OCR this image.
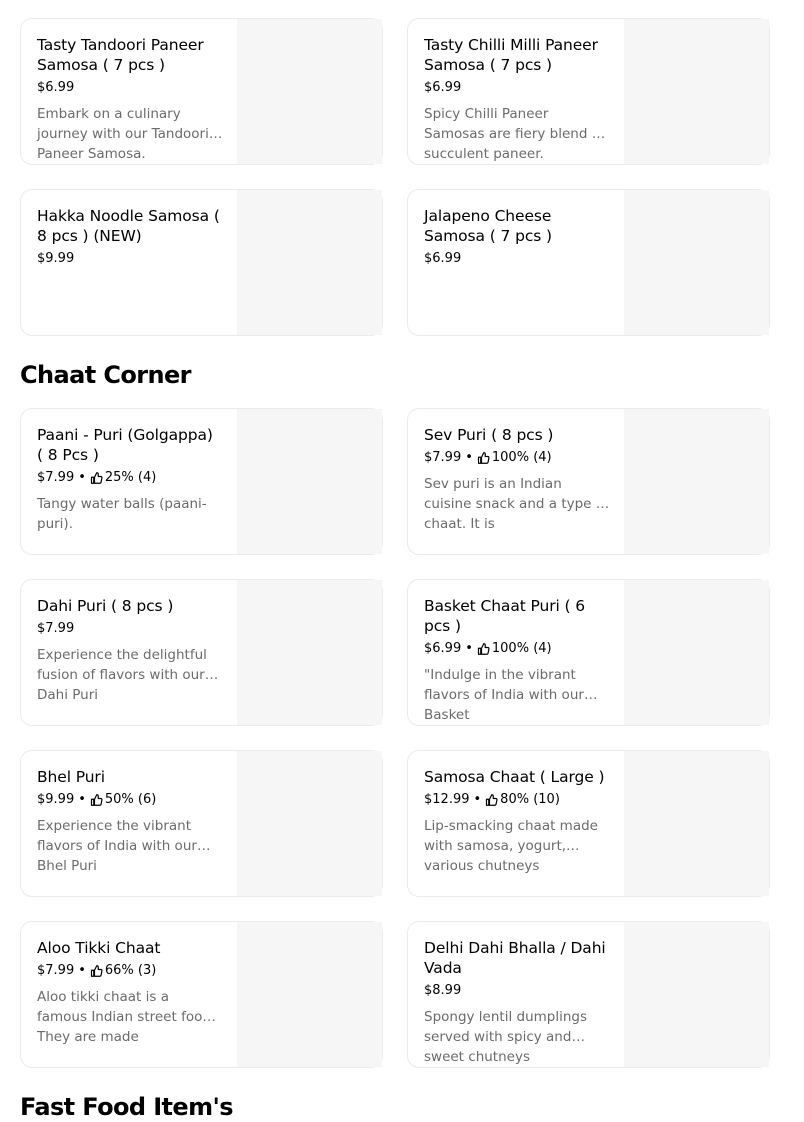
Tasty Tandoori Paneer Samosa ( 7 pcs )
$6.99
Embark on a culinary journey with our Tandoori Paneer Samosa.
Tasty Chilli Milli Paneer Samosa ( 7 pcs )
$6.99
Spicy Chilli Paneer Samosas are fiery blend of succulent paneer.
Hakka Noodle Samosa ( 8 pcs ) (NEW)
$9.99
Jalapeno Cheese Samosa ( 7 pcs )
$6.99
Chaat Corner
Paani - Puri (Golgappa) ( 8 Pcs )
$7.99 • 25% (4)
Tangy water balls (paani-puri).
Sev Puri ( 8 pcs )
$7.99 • 100% (4)
Sev puri is an Indian cuisine snack and a type of chaat. It is
Dahi Puri ( 8 pcs )
$7.99
Experience the delightful fusion of flavors with our Dahi Puri
Basket Chaat Puri ( 6 pcs )
$6.99 • 100% (4)
"Indulge in the vibrant flavors of India with our Basket
Bhel Puri
$9.99 • 50% (6)
Experience the vibrant flavors of India with our Bhel Puri
Samosa Chaat ( Large )
$12.99 • 80% (10)
Lip-smacking chaat made with samosa, yogurt, various chutneys
Aloo Tikki Chaat
$7.99 • 66% (3)
Aloo tikki chaat is a famous Indian street food. They are made
Delhi Dahi Bhalla / Dahi Vada
$8.99
Spongy lentil dumplings served with spicy and sweet chutneys
Fast Food Item's
